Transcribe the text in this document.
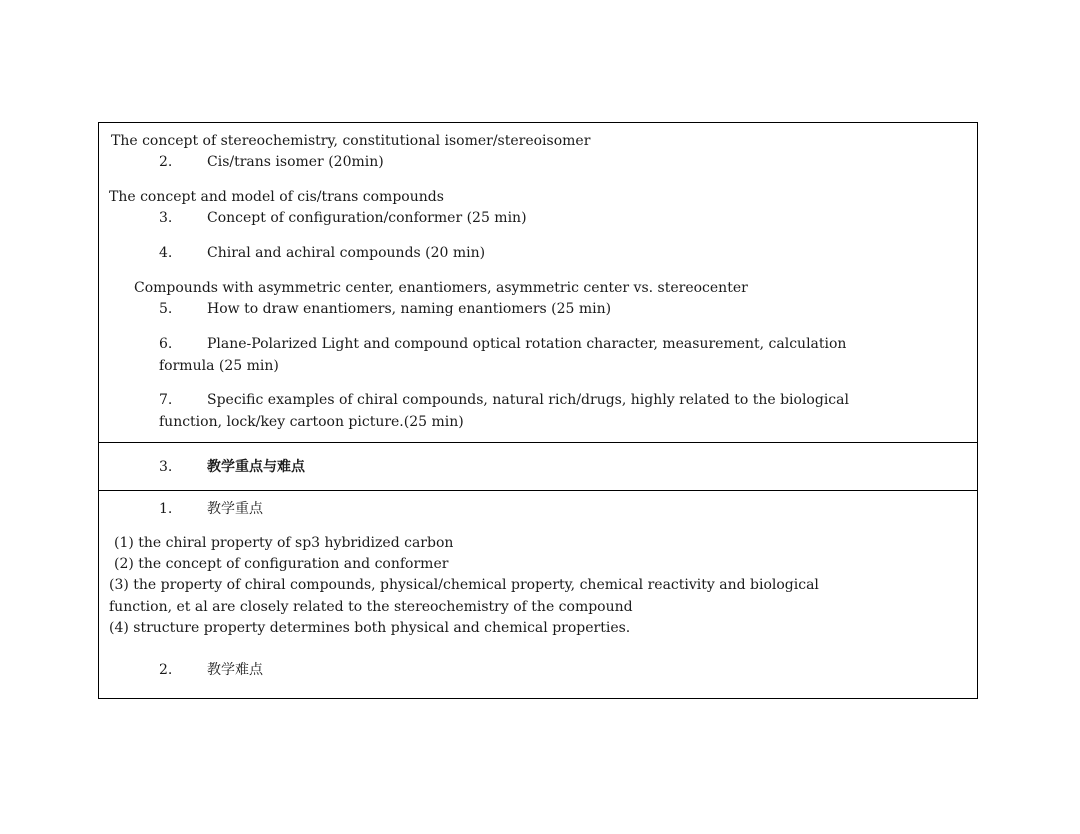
The concept of stereochemistry, constitutional isomer/stereoisomer
2. Cis/trans isomer (20min)
The concept and model of cis/trans compounds
3. Concept of configuration/conformer (25 min)
4. Chiral and achiral compounds (20 min)
Compounds with asymmetric center, enantiomers, asymmetric center vs. stereocenter
5. How to draw enantiomers, naming enantiomers (25 min)
6. Plane-Polarized Light and compound optical rotation character, measurement, calculation
formula (25 min)
7. Specific examples of chiral compounds, natural rich/drugs, highly related to the biological
function, lock/key cartoon picture.(25 min)
3. 教学重点与难点
1. 教学重点
(1) the chiral property of sp3 hybridized carbon
(2) the concept of configuration and conformer
(3) the property of chiral compounds, physical/chemical property, chemical reactivity and biological
function, et al are closely related to the stereochemistry of the compound
(4) structure property determines both physical and chemical properties.
2. 教学难点
